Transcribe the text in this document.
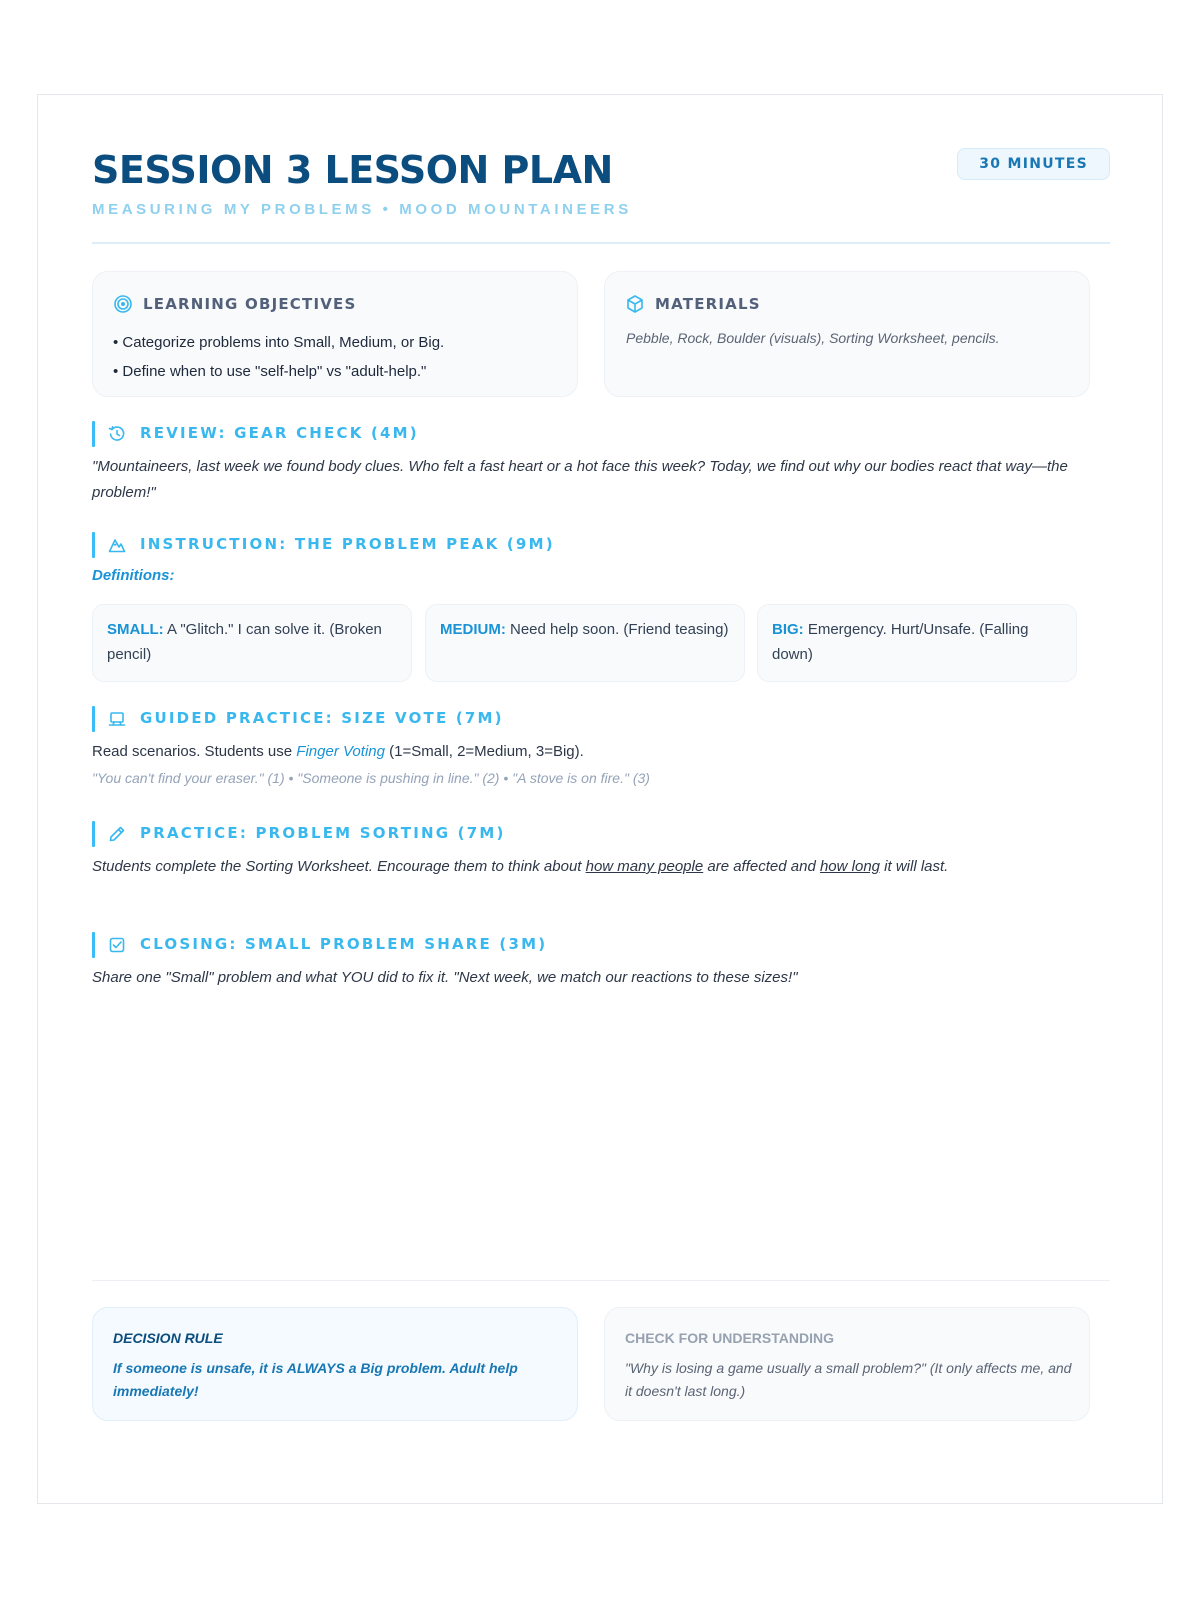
SESSION 3 LESSON PLAN
MEASURING MY PROBLEMS • MOOD MOUNTAINEERS
30 MINUTES
LEARNING OBJECTIVES
• Categorize problems into Small, Medium, or Big.
• Define when to use "self-help" vs "adult-help."
MATERIALS
Pebble, Rock, Boulder (visuals), Sorting Worksheet, pencils.
REVIEW: GEAR CHECK (4M)
"Mountaineers, last week we found body clues. Who felt a fast heart or a hot face this week? Today, we find out why our bodies react that way—the problem!"
INSTRUCTION: THE PROBLEM PEAK (9M)
Definitions:
SMALL: A "Glitch." I can solve it. (Broken pencil)
MEDIUM: Need help soon. (Friend teasing)	BIG: Emergency. Hurt/Unsafe. (Falling down)
GUIDED PRACTICE: SIZE VOTE (7M)
Read scenarios. Students use Finger Voting (1=Small, 2=Medium, 3=Big).
"You can't find your eraser." (1) • "Someone is pushing in line." (2) • "A stove is on fire." (3)
PRACTICE: PROBLEM SORTING (7M)
Students complete the Sorting Worksheet. Encourage them to think about how many people are affected and how long it will last.
CLOSING: SMALL PROBLEM SHARE (3M)
Share one "Small" problem and what YOU did to fix it. "Next week, we match our reactions to these sizes!"
DECISION RULE
If someone is unsafe, it is ALWAYS a Big problem. Adult help immediately!
CHECK FOR UNDERSTANDING
"Why is losing a game usually a small problem?" (It only affects me, and it doesn't last long.)
